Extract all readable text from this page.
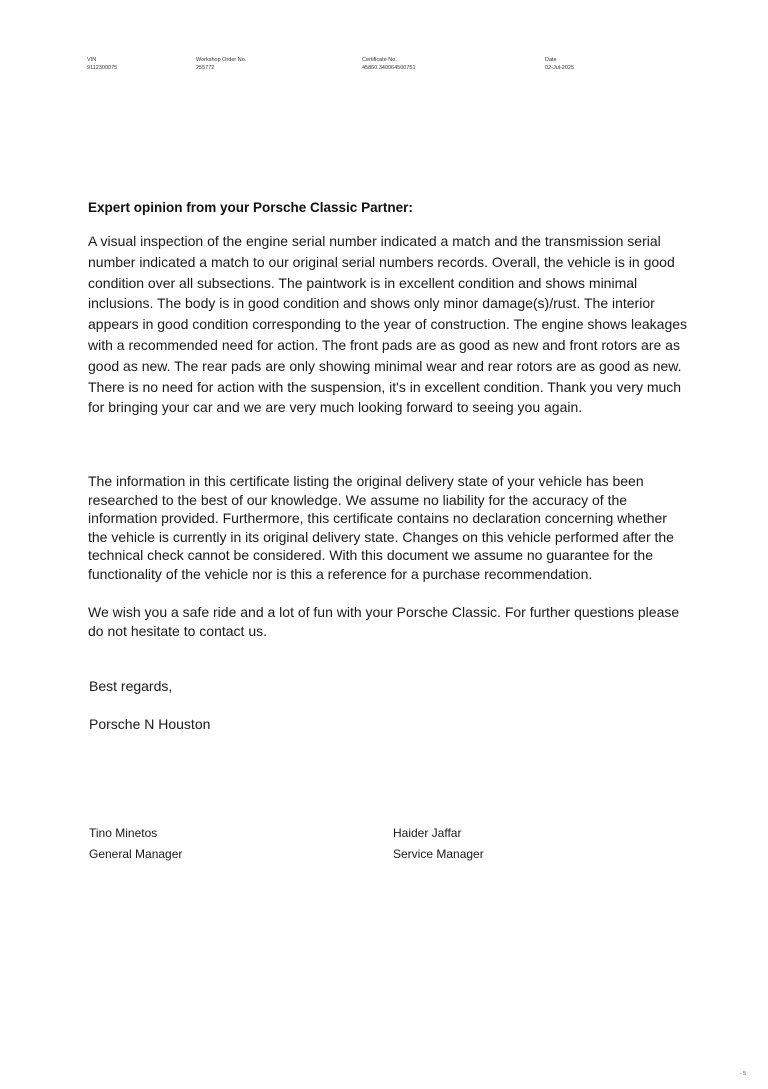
VIN
9112300075
Workshop Order No.
255772
Certificate No.
45860.340064500751
Date
02-Jul-2025
Expert opinion from your Porsche Classic Partner:

A visual inspection of the engine serial number indicated a match and the transmission serial number indicated a match to our original serial numbers records. Overall, the vehicle is in good condition over all subsections. The paintwork is in excellent condition and shows minimal inclusions. The body is in good condition and shows only minor damage(s)/rust. The interior appears in good condition corresponding to the year of construction. The engine shows leakages with a recommended need for action. The front pads are as good as new and front rotors are as good as new. The rear pads are only showing minimal wear and rear rotors are as good as new. There is no need for action with the suspension, it's in excellent condition. Thank you very much for bringing your car and we are very much looking forward to seeing you again.

The information in this certificate listing the original delivery state of your vehicle has been researched to the best of our knowledge. We assume no liability for the accuracy of the information provided. Furthermore, this certificate contains no declaration concerning whether the vehicle is currently in its original delivery state. Changes on this vehicle performed after the technical check cannot be considered. With this document we assume no guarantee for the functionality of the vehicle nor is this a reference for a purchase recommendation.

We wish you a safe ride and a lot of fun with your Porsche Classic. For further questions please do not hesitate to contact us.

Best regards,
Porsche N Houston
Tino Minetos
General Manager
Haider Jaffar
Service Manager
- 5
